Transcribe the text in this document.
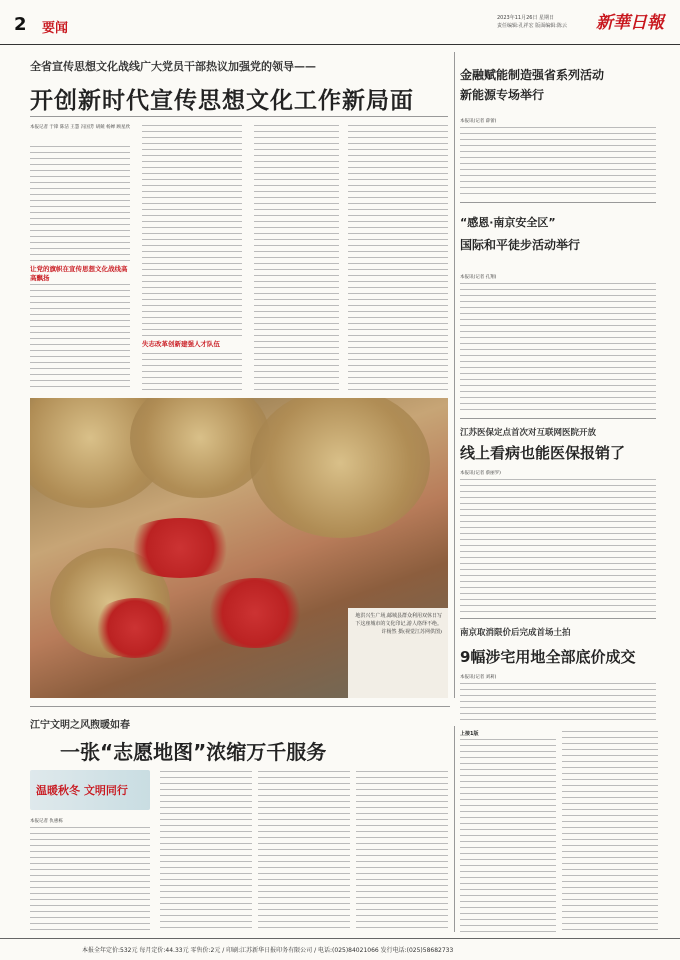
2 要闻
2023年11月26日 星期日
责任编辑:孔祥宏 版面编辑:陈云 新華日報
全省宣传思想文化战线广大党员干部热议加强党的领导——
开创新时代宣传思想文化工作新局面
本报记者 于锋 陈洁 王慧 冯国芳 胡兢 杨婵 顾星欣
让党的旗帜在宣传思想文化战线高高飘扬
失志改革创新建强人才队伍
地洪兴生广场,邮城县群众利用双休日写下这座城市的文化印记,游人络绎不绝。 许杨然 摄(视觉江苏网供图)
金融赋能制造强省系列活动
新能源专场举行
本报讯(记者 薛蕾)
“感恩·南京安全区”
国际和平徒步活动举行
本报讯(记者 孔翔)
江苏医保定点首次对互联网医院开放
线上看病也能医保报销了
本报讯(记者 蔡丽罗)
南京取消限价后完成首场土拍
9幅涉宅用地全部底价成交
本报讯(记者 刘莉)
江宁文明之风煦暖如春
一张“志愿地图”浓缩万千服务
温暖秋冬 文明同行
本报记者 仇惠栋
上接1版
本报全年定价:532元 每月定价:44.33元 零售价:2元 / 印刷:江苏新华日报印务有限公司 / 电话:(025)84021066 发行电话:(025)58682733
